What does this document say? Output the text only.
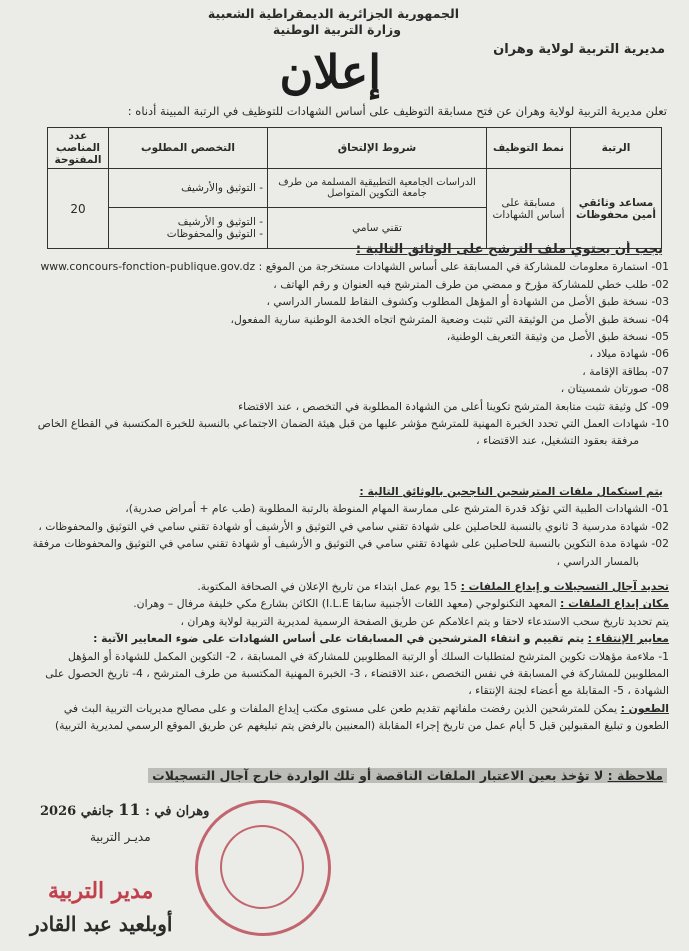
الجمهورية الجزائرية الديمقراطية الشعبية
وزارة التربية الوطنية
مديرية التربية لولاية وهران
إعلان
تعلن مديرية التربية لولاية وهران عن فتح مسابقة التوظيف على أساس الشهادات للتوظيف في الرتبة المبينة أدناه :
الرتبة	نمط التوظيف	شروط الإلتحاق	التخصص المطلوب	عدد المناصب المفتوحة
مساعد وثائقي أمين محفوظات	مسابقة على أساس الشهادات	الدراسات الجامعية التطبيقية المسلمة من طرف جامعة التكوين المتواصل	- التوثيق والأرشيف	20
		تقني سامي	- التوثيق و الأرشيف
- التوثيق والمحفوظات	

يجب أن يحتوي ملف الترشح على الوثائق التالية :

01- استمارة معلومات للمشاركة في المسابقة على أساس الشهادات مستخرجة من الموقع : www.concours-fonction-publique.gov.dz

02- طلب خطي للمشاركة مؤرخ و ممضي من طرف المترشح فيه العنوان و رقم الهاتف ،

03- نسخة طبق الأصل من الشهادة أو المؤهل المطلوب وكشوف النقاط للمسار الدراسي ،

04- نسخة طبق الأصل من الوثيقة التي تثبت وضعية المترشح اتجاه الخدمة الوطنية سارية المفعول،

05- نسخة طبق الأصل من وثيقة التعريف الوطنية،

06- شهادة ميلاد ،

07- بطاقة الإقامة ،

08- صورتان شمسيتان ،

09- كل وثيقة تثبت متابعة المترشح تكوينا أعلى من الشهادة المطلوبة في التخصص ، عند الاقتضاء

10- شهادات العمل التي تحدد الخبرة المهنية للمترشح مؤشر عليها من قبل هيئة الضمان الاجتماعي بالنسبة للخبرة المكتسبة في القطاع الخاص

مرفقة بعقود التشغيل، عند الاقتضاء ،

يتم استكمال ملفات المترشحين الناجحين بالوثائق التالية :

01- الشهادات الطبية التي تؤكد قدرة المترشح على ممارسة المهام المنوطة بالرتبة المطلوبة (طب عام + أمراض صدرية)،

02- شهادة مدرسية 3 ثانوي بالنسبة للحاصلين على شهادة تقني سامي في التوثيق و الأرشيف أو شهادة تقني سامي في التوثيق والمحفوظات ،

02- شهادة مدة التكوين بالنسبة للحاصلين على شهادة تقني سامي في التوثيق و الأرشيف أو شهادة تقني سامي في التوثيق والمحفوظات مرفقة

بالمسار الدراسي ،

تحديد آجال التسجيلات و إيداع الملفات : 15 يوم عمل ابتداء من تاريخ الإعلان في الصحافة المكتوبة.

مكان إيداع الملفات : المعهد التكنولوجي (معهد اللغات الأجنبية سابقا I.L.E) الكائن بشارع مكي خليفة مرفال – وهران.

يتم تحديد تاريخ سحب الاستدعاء لاحقا و يتم اعلامكم عن طريق الصفحة الرسمية لمديرية التربية لولاية وهران ،

معايير الإنتقاء : يتم تقييم و انتقاء المترشحين في المسابقات على أساس الشهادات على ضوء المعايير الآتية :

1- ملاءمة مؤهلات تكوين المترشح لمتطلبات السلك أو الرتبة المطلوبين للمشاركة في المسابقة ، 2- التكوين المكمل للشهادة أو المؤهل

المطلوبين للمشاركة في المسابقة في نفس التخصص ،عند الاقتضاء ، 3- الخبرة المهنية المكتسبة من طرف المترشح ، 4- تاريخ الحصول على

الشهادة ، 5- المقابلة مع أعضاء لجنة الإنتقاء ،

الطعون : يمكن للمترشحين الذين رفضت ملفاتهم تقديم طعن على مستوى مكتب إيداع الملفات و على مصالح مديريات التربية البث في

الطعون و تبليغ المقبولين قبل 5 أيام عمل من تاريخ إجراء المقابلة (المعنيين بالرفض يتم تبليغهم عن طريق الموقع الرسمي لمديرية التربية)

ملاحظة : لا تؤخذ بعين الاعتبار الملفات الناقصة أو تلك الواردة خارج آجال التسجيلات
وهران في : 11 جانفي 2026
مديـر التربية
مدير التربية
أوبلعيد عبد القادر
